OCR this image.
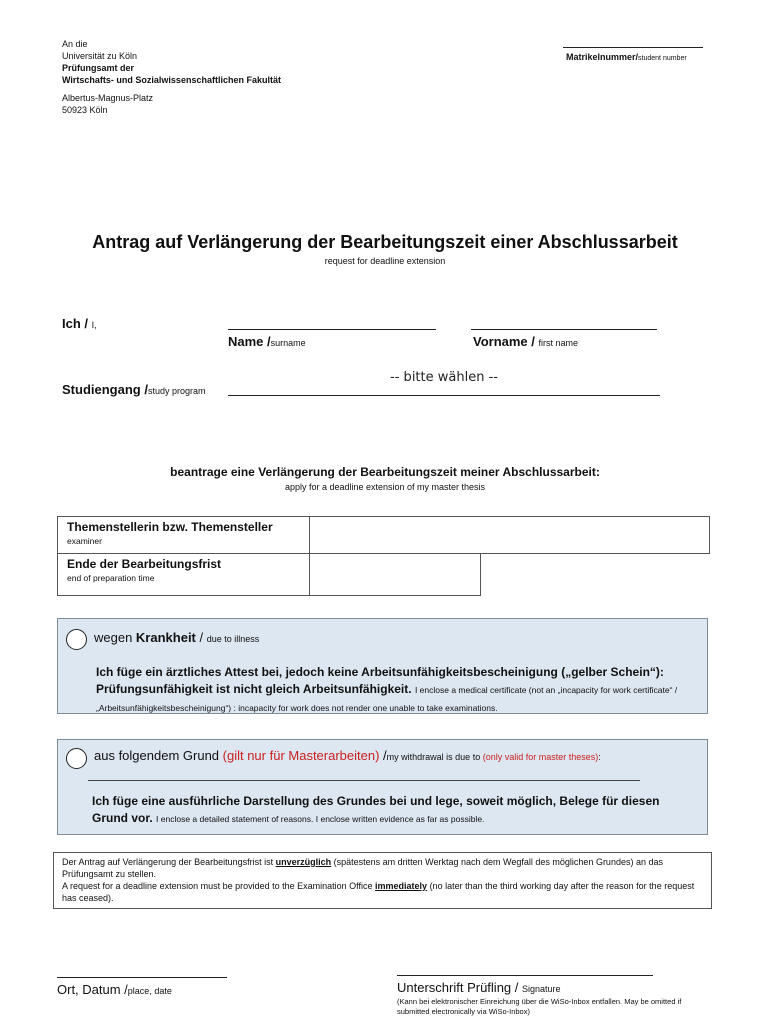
An die
Universität zu Köln
Prüfungsamt der
Wirtschafts- und Sozialwissenschaftlichen Fakultät
Albertus-Magnus-Platz
50923 Köln
Matrikelnummer/student number
Antrag auf Verlängerung der Bearbeitungszeit einer Abschlussarbeit
request for deadline extension
Ich / I,
Name /surname	Vorname / first name
Studiengang /study program
-- bitte wählen --
beantrage eine Verlängerung der Bearbeitungszeit meiner Abschlussarbeit:
apply for a deadline extension of my master thesis
Themenstellerin bzw. Themensteller
examiner		

Ende der Bearbeitungsfrist
end of preparation time		

wegen Krankheit / due to illness
Ich füge ein ärztliches Attest bei, jedoch keine Arbeitsunfähigkeitsbescheinigung („gelber Schein“): Prüfungsunfähigkeit ist nicht gleich Arbeitsunfähigkeit. I enclose a medical certificate (not an „incapacity for work certificate“ / „Arbeitsunfähigkeitsbescheinigung“) : incapacity for work does not render one unable to take examinations.
aus folgendem Grund (gilt nur für Masterarbeiten) /my withdrawal is due to (only valid for master theses):
Ich füge eine ausführliche Darstellung des Grundes bei und lege, soweit möglich, Belege für diesen Grund vor. I enclose a detailed statement of reasons. I enclose written evidence as far as possible.
Der Antrag auf Verlängerung der Bearbeitungsfrist ist unverzüglich (spätestens am dritten Werktag nach dem Wegfall des möglichen Grundes) an das Prüfungsamt zu stellen.
A request for a deadline extension must be provided to the Examination Office immediately (no later than the third working day after the reason for the request has ceased).
Ort, Datum /place, date	Unterschrift Prüfling / Signature
(Kann bei elektronischer Einreichung über die WiSo-Inbox entfallen. May be omitted if submitted electronically via WiSo-Inbox)
